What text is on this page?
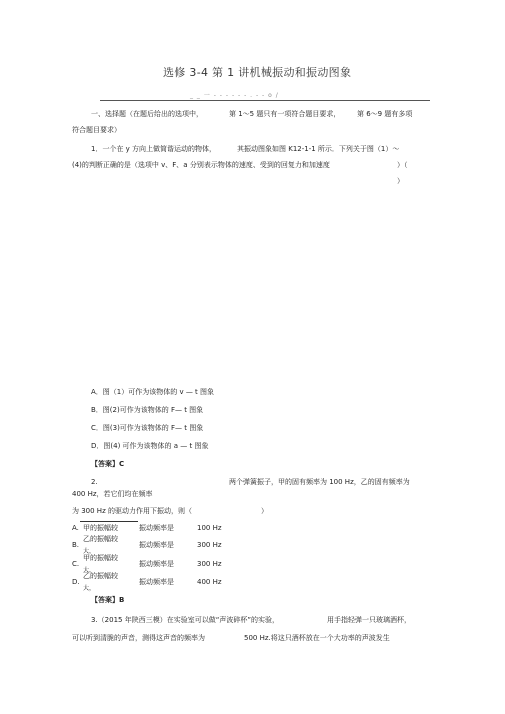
选修 3-4 第 1 讲机械振动和振动图象
_ _ 一 - - - - - - . - - o /
一、选择题（在题后给出的选项中，	第 1～5 题只有一项符合题目要求， 第 6～9 题有多项
符合题目要求）
1．一个在 y 方向上做简谐运动的物体，	其振动图象如图 K12-1-1 所示．下列关于图（1）～
(4)的判断正确的是（选项中 v、F、a 分别表示物体的速度、受到的回复力和加速度	）（
）
A．图（1）可作为该物体的 v — t 图象
B．图(2)可作为该物体的 F— t 图象
C．图(3)可作为该物体的 F— t 图象
D．图(4) 可作为该物体的 a — t 图象
【答案】C
2.	两个弹簧振子，甲的固有频率为 100 Hz，乙的固有频率为
400 Hz，若它们均在频率
为 300 Hz 的驱动力作用下振动，则（	）
A. 甲的振幅较	振动频率是	100 Hz
B.
乙的振幅较
大，
振动频率是	300 Hz
C.
甲的振幅较
大，
振动频率是	300 Hz
D.
乙的振幅较
大，
振动频率是	400 Hz
【答案】B
3.（2015 年陕西三模）在实验室可以做“声波碎杯”的实验，	用手指轻弹一只玻璃酒杯，
可以听到清脆的声音，测得这声音的频率为	500 Hz.将这只酒杯放在一个大功率的声波发生
